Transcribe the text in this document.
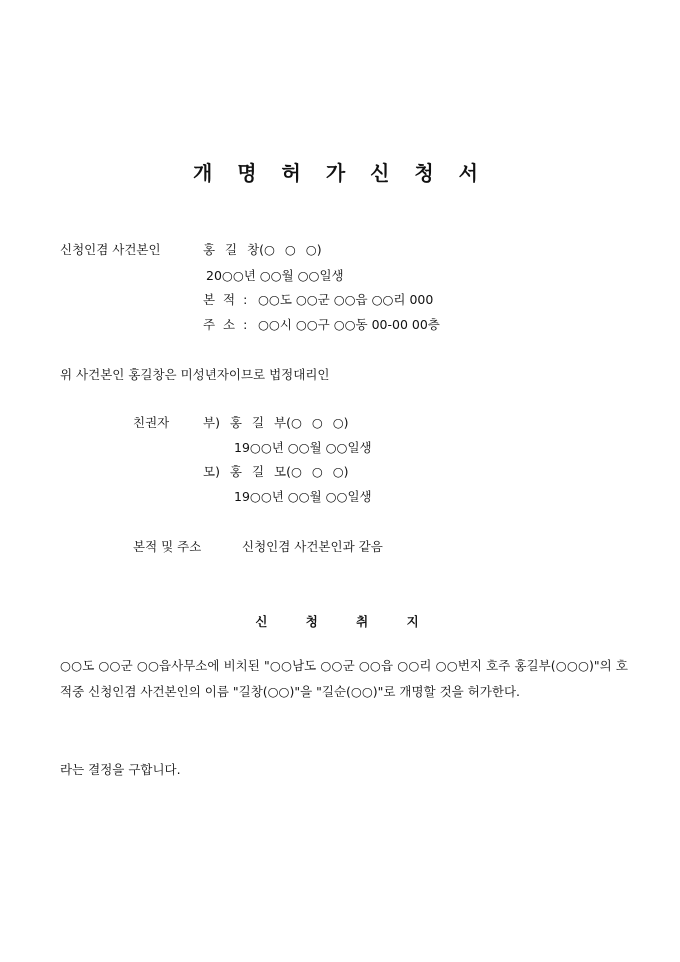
개 명 허 가 신 청 서
신청인겸 사건본인	홍 길 창(○ ○ ○)
20○○년 ○○월 ○○일생
본 적 : ○○도 ○○군 ○○읍 ○○리 000
주 소 : ○○시 ○○구 ○○동 00-00 00층
위 사건본인 홍길창은 미성년자이므로 법정대리인
친권자	부) 홍 길 부(○ ○ ○)
19○○년 ○○월 ○○일생
모) 홍 길 모(○ ○ ○)
19○○년 ○○월 ○○일생
본적 및 주소	신청인겸 사건본인과 같음
신 청 취 지
○○도 ○○군 ○○읍사무소에 비치된 "○○남도 ○○군 ○○읍 ○○리 ○○번지 호주 홍길부(○○○)"의 호적중 신청인겸 사건본인의 이름 "길창(○○)"을 "길순(○○)"로 개명할 것을 허가한다.
라는 결정을 구합니다.
